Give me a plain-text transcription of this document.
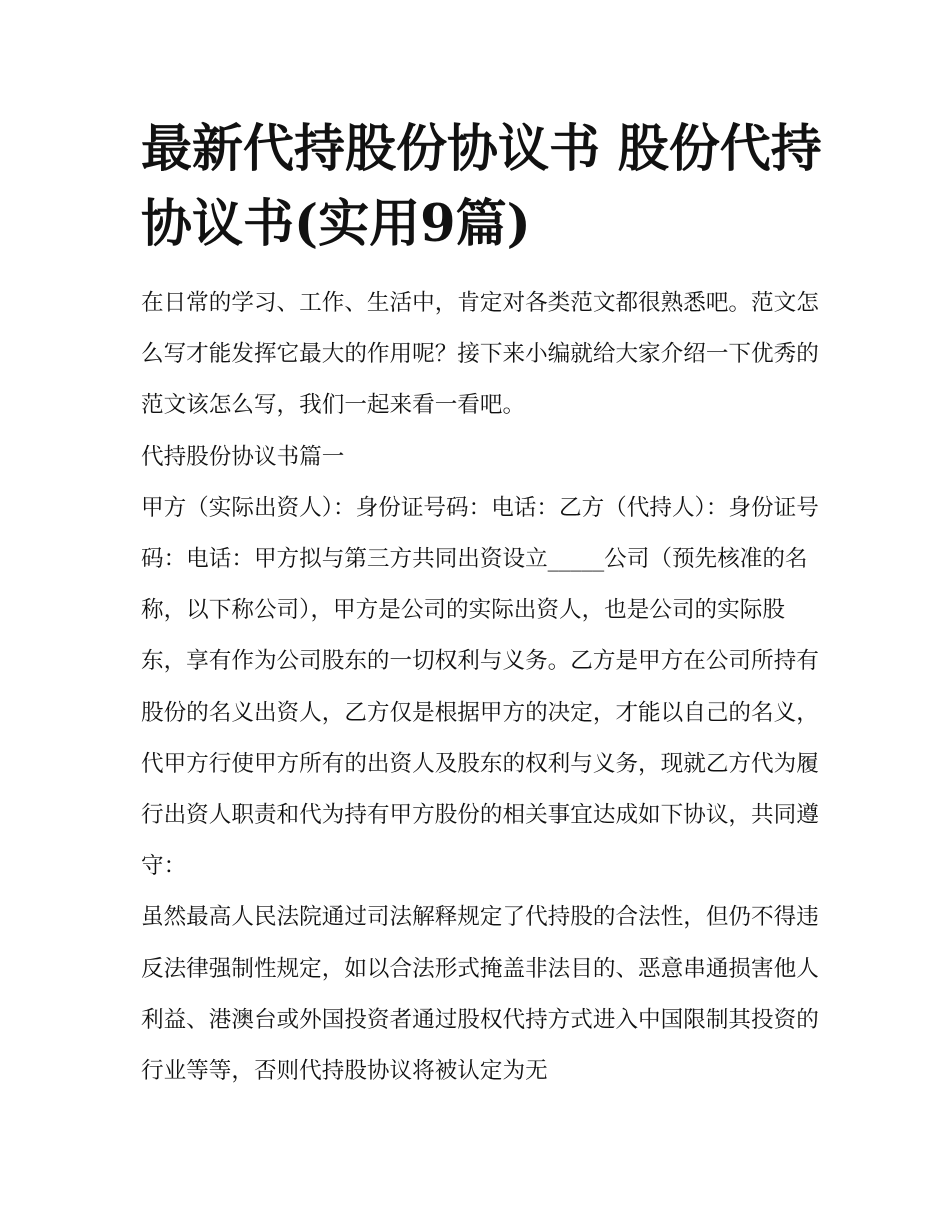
最新代持股份协议书 股份代持协议书(实用9篇)

在日常的学习、工作、生活中，肯定对各类范文都很熟悉吧。范文怎么写才能发挥它最大的作用呢？接下来小编就给大家介绍一下优秀的范文该怎么写，我们一起来看一看吧。

代持股份协议书篇一

甲方（实际出资人）：身份证号码：电话：乙方（代持人）：身份证号码：电话：甲方拟与第三方共同出资设立_____公司（预先核准的名称，以下称公司），甲方是公司的实际出资人，也是公司的实际股东，享有作为公司股东的一切权利与义务。乙方是甲方在公司所持有股份的名义出资人，乙方仅是根据甲方的决定，才能以自己的名义，代甲方行使甲方所有的出资人及股东的权利与义务，现就乙方代为履行出资人职责和代为持有甲方股份的相关事宜达成如下协议，共同遵守：

虽然最高人民法院通过司法解释规定了代持股的合法性，但仍不得违反法律强制性规定，如以合法形式掩盖非法目的、恶意串通损害他人利益、港澳台或外国投资者通过股权代持方式进入中国限制其投资的行业等等，否则代持股协议将被认定为无
